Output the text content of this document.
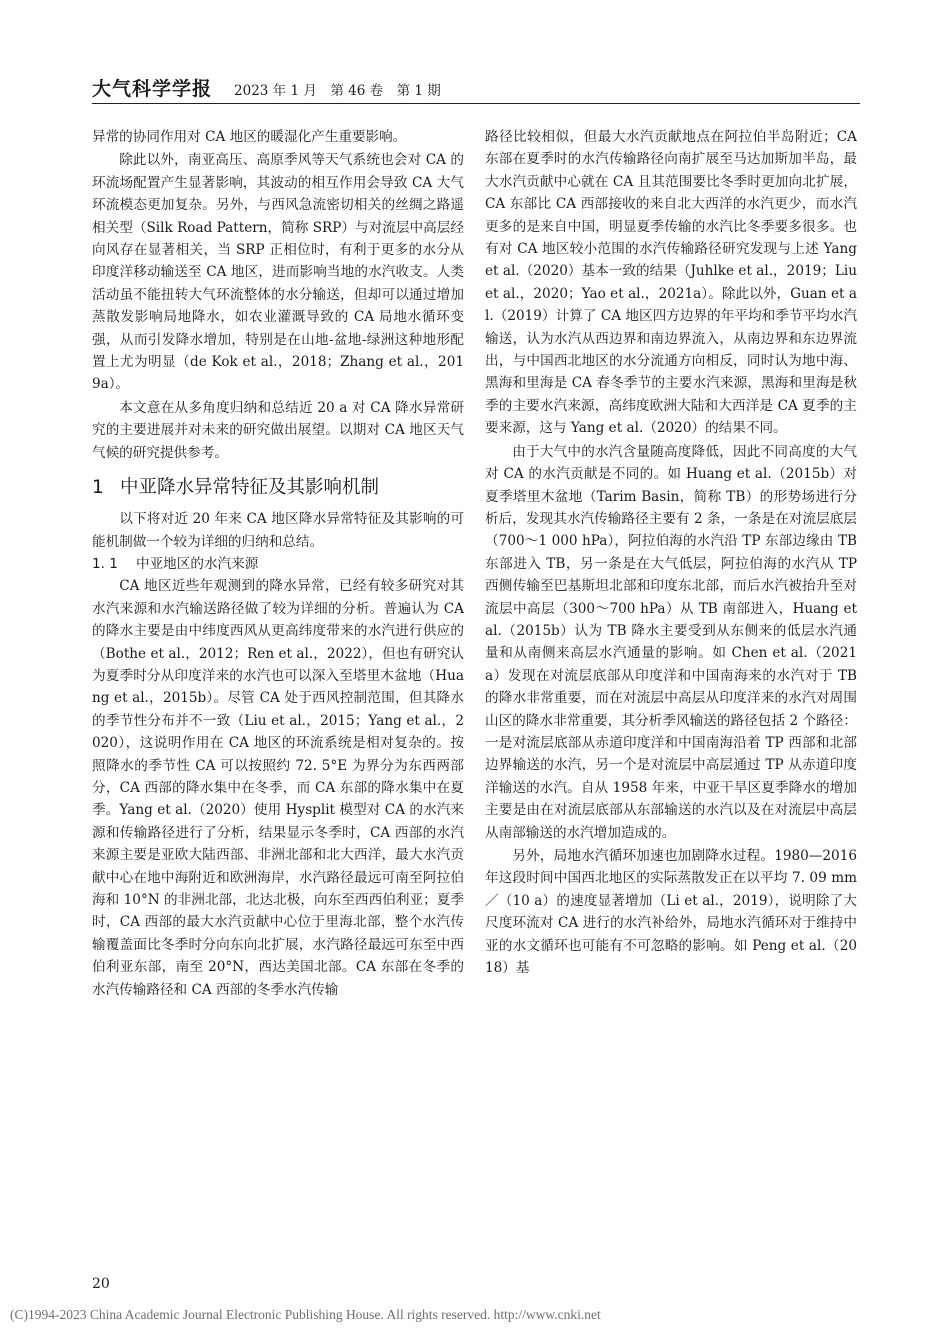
大气科学学报 2023 年 1 月　第 46 卷　第 1 期

异常的协同作用对 CA 地区的暖湿化产生重要影响。

除此以外，南亚高压、高原季风等天气系统也会对 CA 的环流场配置产生显著影响，其波动的相互作用会导致 CA 大气环流模态更加复杂。另外，与西风急流密切相关的丝绸之路遥相关型（Silk Road Pattern，简称 SRP）与对流层中高层经向风存在显著相关，当 SRP 正相位时，有利于更多的水分从印度洋移动输送至 CA 地区，进而影响当地的水汽收支。人类活动虽不能扭转大气环流整体的水分输送，但却可以通过增加蒸散发影响局地降水，如农业灌溉导致的 CA 局地水循环变强，从而引发降水增加，特别是在山地-盆地-绿洲这种地形配置上尤为明显（de Kok et al.，2018；Zhang et al.，2019a）。

本文意在从多角度归纳和总结近 20 a 对 CA 降水异常研究的主要进展并对未来的研究做出展望。以期对 CA 地区天气气候的研究提供参考。

1 中亚降水异常特征及其影响机制

以下将对近 20 年来 CA 地区降水异常特征及其影响的可能机制做一个较为详细的归纳和总结。

1. 1 中亚地区的水汽来源

CA 地区近些年观测到的降水异常，已经有较多研究对其水汽来源和水汽输送路径做了较为详细的分析。普遍认为 CA 的降水主要是由中纬度西风从更高纬度带来的水汽进行供应的（Bothe et al.，2012；Ren et al.，2022），但也有研究认为夏季时分从印度洋来的水汽也可以深入至塔里木盆地（Huang et al.，2015b）。尽管 CA 处于西风控制范围，但其降水的季节性分布并不一致（Liu et al.，2015；Yang et al.，2020），这说明作用在 CA 地区的环流系统是相对复杂的。按照降水的季节性 CA 可以按照约 72. 5°E 为界分为东西两部分，CA 西部的降水集中在冬季，而 CA 东部的降水集中在夏季。Yang et al.（2020）使用 Hysplit 模型对 CA 的水汽来源和传输路径进行了分析，结果显示冬季时，CA 西部的水汽来源主要是亚欧大陆西部、非洲北部和北大西洋，最大水汽贡献中心在地中海附近和欧洲海岸，水汽路径最远可南至阿拉伯海和 10°N 的非洲北部，北达北极，向东至西西伯利亚；夏季时，CA 西部的最大水汽贡献中心位于里海北部，整个水汽传输覆盖面比冬季时分向东向北扩展，水汽路径最远可东至中西伯利亚东部，南至 20°N，西达美国北部。CA 东部在冬季的水汽传输路径和 CA 西部的冬季水汽传输

路径比较相似，但最大水汽贡献地点在阿拉伯半岛附近；CA 东部在夏季时的水汽传输路径向南扩展至马达加斯加半岛，最大水汽贡献中心就在 CA 且其范围要比冬季时更加向北扩展，CA 东部比 CA 西部接收的来自北大西洋的水汽更少，而水汽更多的是来自中国，明显夏季传输的水汽比冬季要多很多。也有对 CA 地区较小范围的水汽传输路径研究发现与上述 Yang et al.（2020）基本一致的结果（Juhlke et al.，2019；Liu et al.，2020；Yao et al.，2021a）。除此以外，Guan et al.（2019）计算了 CA 地区四方边界的年平均和季节平均水汽输送，认为水汽从西边界和南边界流入，从南边界和东边界流出，与中国西北地区的水分流通方向相反，同时认为地中海、黑海和里海是 CA 春冬季节的主要水汽来源，黑海和里海是秋季的主要水汽来源，高纬度欧洲大陆和大西洋是 CA 夏季的主要来源，这与 Yang et al.（2020）的结果不同。

由于大气中的水汽含量随高度降低，因此不同高度的大气对 CA 的水汽贡献是不同的。如 Huang et al.（2015b）对夏季塔里木盆地（Tarim Basin，简称 TB）的形势场进行分析后，发现其水汽传输路径主要有 2 条，一条是在对流层底层（700～1 000 hPa），阿拉伯海的水汽沿 TP 东部边缘由 TB 东部进入 TB，另一条是在大气低层，阿拉伯海的水汽从 TP 西侧传输至巴基斯坦北部和印度东北部，而后水汽被抬升至对流层中高层（300～700 hPa）从 TB 南部进入，Huang et al.（2015b）认为 TB 降水主要受到从东侧来的低层水汽通量和从南侧来高层水汽通量的影响。如 Chen et al.（2021a）发现在对流层底部从印度洋和中国南海来的水汽对于 TB 的降水非常重要，而在对流层中高层从印度洋来的水汽对周围山区的降水非常重要，其分析季风输送的路径包括 2 个路径：一是对流层底部从赤道印度洋和中国南海沿着 TP 西部和北部边界输送的水汽，另一个是对流层中高层通过 TP 从赤道印度洋输送的水汽。自从 1958 年来，中亚干旱区夏季降水的增加主要是由在对流层底部从东部输送的水汽以及在对流层中高层从南部输送的水汽增加造成的。

另外，局地水汽循环加速也加剧降水过程。1980—2016 年这段时间中国西北地区的实际蒸散发正在以平均 7. 09 mm／（10 a）的速度显著增加（Li et al.，2019），说明除了大尺度环流对 CA 进行的水汽补给外，局地水汽循环对于维持中亚的水文循环也可能有不可忽略的影响。如 Peng et al.（2018）基

20
(C)1994-2023 China Academic Journal Electronic Publishing House. All rights reserved. http://www.cnki.net
